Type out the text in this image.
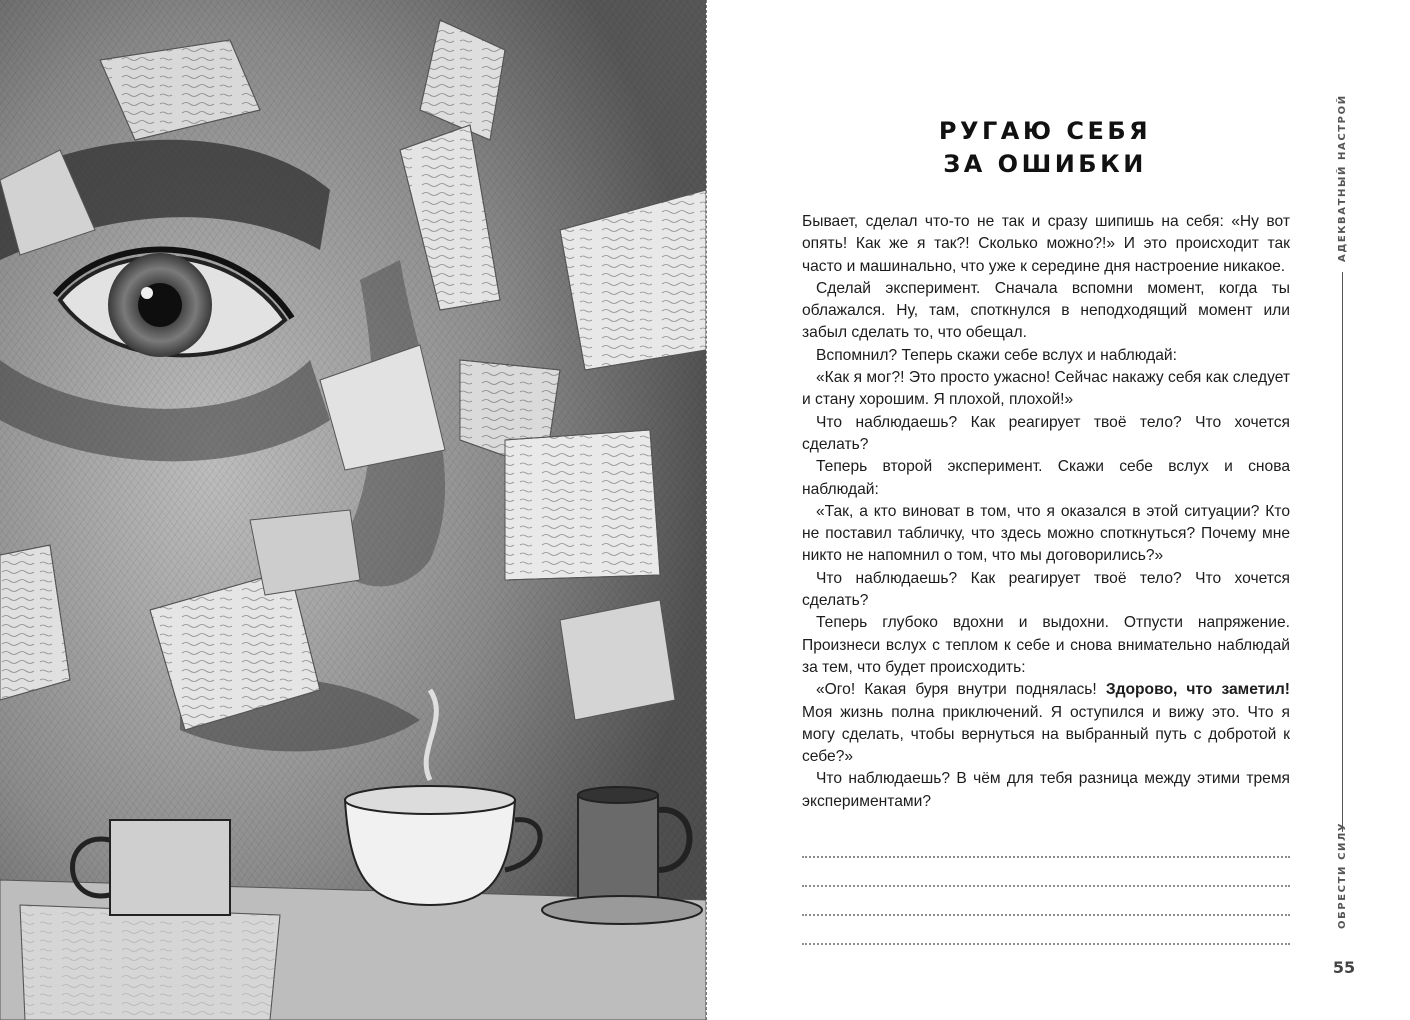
РУГАЮ СЕБЯ
ЗА ОШИБКИ

Бывает, сделал что-то не так и сразу шипишь на себя: «Ну вот опять! Как же я так?! Сколько можно?!» И это происходит так часто и машинально, что уже к середине дня настроение никакое.

Сделай эксперимент. Сначала вспомни момент, когда ты облажался. Ну, там, споткнулся в неподходящий момент или забыл сделать то, что обещал.

Вспомнил? Теперь скажи себе вслух и наблюдай:

«Как я мог?! Это просто ужасно! Сейчас накажу себя как следует и стану хорошим. Я плохой, плохой!»

Что наблюдаешь? Как реагирует твоё тело? Что хочется сделать?

Теперь второй эксперимент. Скажи себе вслух и снова наблюдай:

«Так, а кто виноват в том, что я оказался в этой ситуации? Кто не поставил табличку, что здесь можно споткнуться? Почему мне никто не напомнил о том, что мы договорились?»

Что наблюдаешь? Как реагирует твоё тело? Что хочется сделать?

Теперь глубоко вдохни и выдохни. Отпусти напряжение. Произнеси вслух с теплом к себе и снова внимательно наблюдай за тем, что будет происходить:

«Ого! Какая буря внутри поднялась! Здорово, что заметил! Моя жизнь полна приключений. Я оступился и вижу это. Что я могу сделать, чтобы вернуться на выбранный путь с добротой к себе?»

Что наблюдаешь? В чём для тебя разница между этими тремя экспериментами?

АДЕКВАТНЫЙ НАСТРОЙ
ОБРЕСТИ СИЛУ
55
